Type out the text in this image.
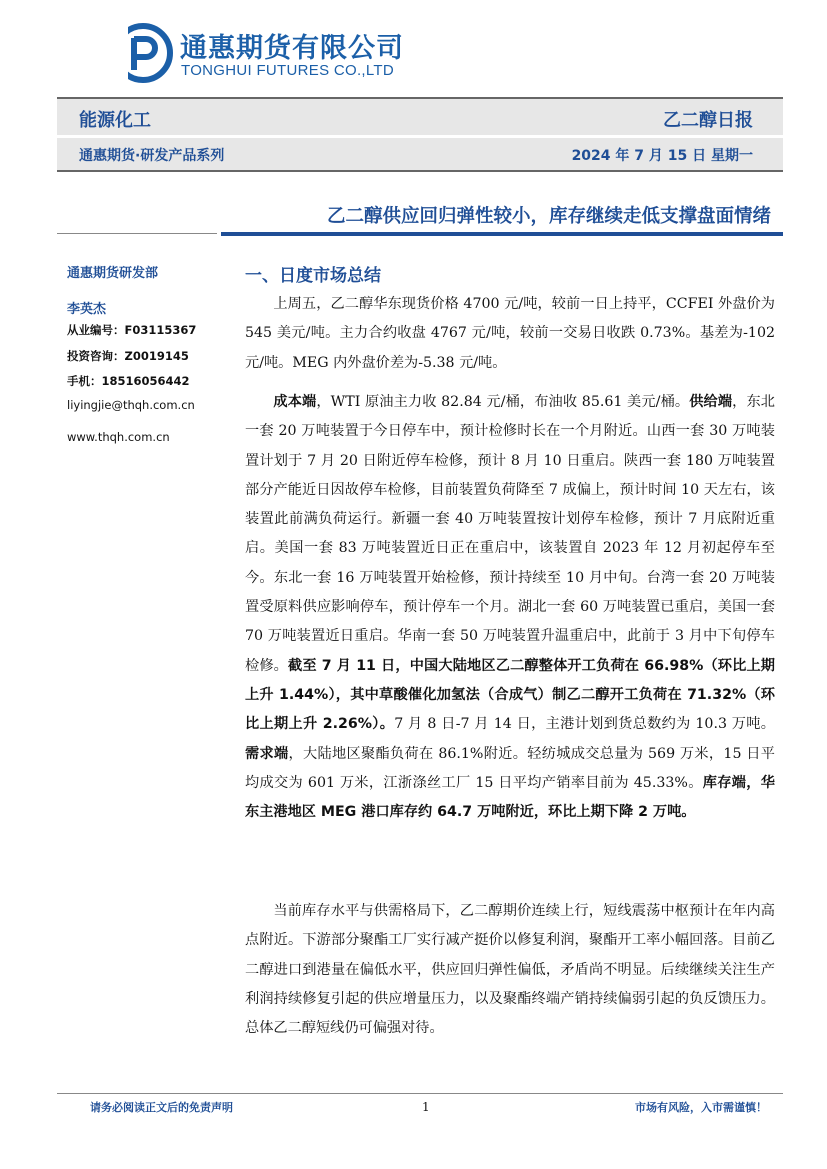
通惠期货有限公司
TONGHUI FUTURES CO.,LTD
能源化工	乙二醇日报
通惠期货·研发产品系列	2024 年 7 月 15 日 星期一
乙二醇供应回归弹性较小，库存继续走低支撑盘面情绪
通惠期货研发部
李英杰
从业编号：F03115367
投资咨询：Z0019145
手机：18516056442
liyingjie@thqh.com.cn
www.thqh.com.cn
一、日度市场总结
上周五，乙二醇华东现货价格 4700 元/吨，较前一日上持平，CCFEI 外盘价为 545 美元/吨。主力合约收盘 4767 元/吨，较前一交易日收跌 0.73%。基差为-102 元/吨。MEG 内外盘价差为-5.38 元/吨。
成本端，WTI 原油主力收 82.84 元/桶，布油收 85.61 美元/桶。供给端，东北一套 20 万吨装置于今日停车中，预计检修时长在一个月附近。山西一套 30 万吨装置计划于 7 月 20 日附近停车检修，预计 8 月 10 日重启。陕西一套 180 万吨装置部分产能近日因故停车检修，目前装置负荷降至 7 成偏上，预计时间 10 天左右，该装置此前满负荷运行。新疆一套 40 万吨装置按计划停车检修，预计 7 月底附近重启。美国一套 83 万吨装置近日正在重启中，该装置自 2023 年 12 月初起停车至今。东北一套 16 万吨装置开始检修，预计持续至 10 月中旬。台湾一套 20 万吨装置受原料供应影响停车，预计停车一个月。湖北一套 60 万吨装置已重启，美国一套 70 万吨装置近日重启。华南一套 50 万吨装置升温重启中，此前于 3 月中下旬停车检修。截至 7 月 11 日，中国大陆地区乙二醇整体开工负荷在 66.98%（环比上期上升 1.44%），其中草酸催化加氢法（合成气）制乙二醇开工负荷在 71.32%（环比上期上升 2.26%）。7 月 8 日-7 月 14 日，主港计划到货总数约为 10.3 万吨。需求端，大陆地区聚酯负荷在 86.1%附近。轻纺城成交总量为 569 万米，15 日平均成交为 601 万米，江浙涤丝工厂 15 日平均产销率目前为 45.33%。库存端，华东主港地区 MEG 港口库存约 64.7 万吨附近，环比上期下降 2 万吨。
当前库存水平与供需格局下，乙二醇期价连续上行，短线震荡中枢预计在年内高点附近。下游部分聚酯工厂实行减产挺价以修复利润，聚酯开工率小幅回落。目前乙二醇进口到港量在偏低水平，供应回归弹性偏低，矛盾尚不明显。后续继续关注生产利润持续修复引起的供应增量压力，以及聚酯终端产销持续偏弱引起的负反馈压力。总体乙二醇短线仍可偏强对待。
请务必阅读正文后的免责声明	1	市场有风险，入市需谨慎！
